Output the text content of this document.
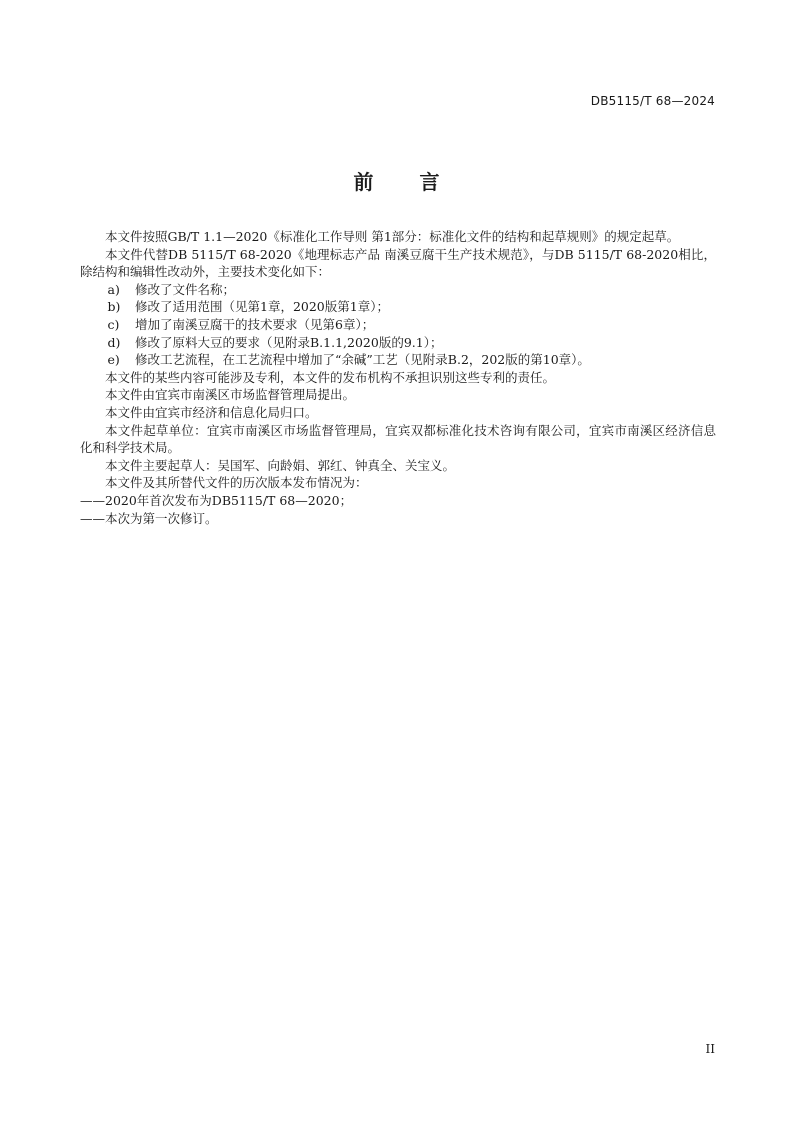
DB5115/T 68—2024
前 言

本文件按照GB/T 1.1—2020《标准化工作导则 第1部分：标准化文件的结构和起草规则》的规定起草。

本文件代替DB 5115/T 68-2020《地理标志产品 南溪豆腐干生产技术规范》，与DB 5115/T 68-2020相比，除结构和编辑性改动外，主要技术变化如下：

a) 修改了文件名称；

b) 修改了适用范围（见第1章，2020版第1章）；

c) 增加了南溪豆腐干的技术要求（见第6章）；

d) 修改了原料大豆的要求（见附录B.1.1,2020版的9.1）；

e) 修改工艺流程，在工艺流程中增加了“余碱”工艺（见附录B.2，202版的第10章）。

本文件的某些内容可能涉及专利，本文件的发布机构不承担识别这些专利的责任。

本文件由宜宾市南溪区市场监督管理局提出。

本文件由宜宾市经济和信息化局归口。

本文件起草单位：宜宾市南溪区市场监督管理局，宜宾双都标准化技术咨询有限公司，宜宾市南溪区经济信息化和科学技术局。

本文件主要起草人：吴国军、向龄娟、郭红、钟真全、关宝义。

本文件及其所替代文件的历次版本发布情况为：

——2020年首次发布为DB5115/T 68—2020；

——本次为第一次修订。

II
